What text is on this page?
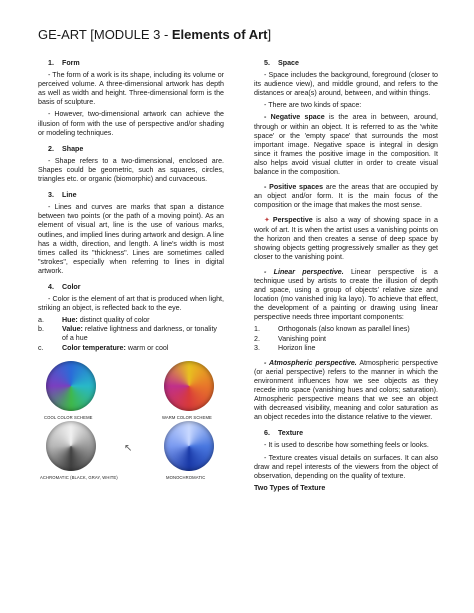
GE-ART [MODULE 3 - Elements of Art]
1.	Form

- The form of a work is its shape, including its volume or perceived volume. A three-dimensional artwork has depth as well as width and height. Three-dimensional form is the basis of sculpture.

- However, two-dimensional artwork can achieve the illusion of form with the use of perspective and/or shading or modeling techniques.

2.	Shape

- Shape refers to a two-dimensional, enclosed are. Shapes could be geometric, such as squares, circles, triangles etc. or organic (biomorphic) and curvaceous.

3.	Line

- Lines and curves are marks that span a distance between two points (or the path of a moving point). As an element of visual art, line is the use of various marks, outlines, and implied lines during artwork and design. A line has a width, direction, and length. A line's width is most times called its "thickness". Lines are sometimes called "strokes", especially when referring to lines in digital artwork.

4.	Color

- Color is the element of art that is produced when light, striking an object, is reflected back to the eye.

a.	Hue: distinct quality of color
b.	Value: relative lightness and darkness, or tonality of a hue
c.	Color temperature: warm or cool
COOL COLOR SCHEME	WARM COLOR SCHEME
ACHROMATIC (BLACK, GRAY, WHITE)	MONOCHROMATIC
↖
5.	Space

- Space includes the background, foreground (closer to its audience view), and middle ground, and refers to the distances or area(s) around, between, and within things.

- There are two kinds of space:

- Negative space is the area in between, around, through or within an object. It is referred to as the 'white space' or the 'empty space' that surrounds the most important image. Negative space is integral in design since it frames the positive image in the composition. It also helps avoid visual clutter in order to create visual balance in the composition.

- Positive spaces are the areas that are occupied by an object and/or form. It is the main focus of the composition or the image that makes the most sense.

✦ Perspective is also a way of showing space in a work of art. It is when the artist uses a vanishing points on the horizon and then creates a sense of deep space by showing objects getting progressively smaller as they get closer to the vanishing point.

- Linear perspective. Linear perspective is a technique used by artists to create the illusion of depth and space, using a group of objects' relative size and location (mo vanished inig ka layo). To achieve that effect, the development of a painting or drawing using linear perspective needs three important components:

1.	Orthogonals (also known as parallel lines)
2.	Vanishing point
3.	Horizon line

- Atmospheric perspective. Atmospheric perspective (or aerial perspective) refers to the manner in which the environment influences how we see objects as they recede into space (vanishing hues and colors; saturation). Atmospheric perspective means that we see an object with decreased visibility, meaning and color saturation as an object recedes into the distance relative to the viewer.

6.	Texture

- It is used to describe how something feels or looks.

- Texture creates visual details on surfaces. It can also draw and repel interests of the viewers from the object of observation, depending on the quality of texture.

Two Types of Texture
